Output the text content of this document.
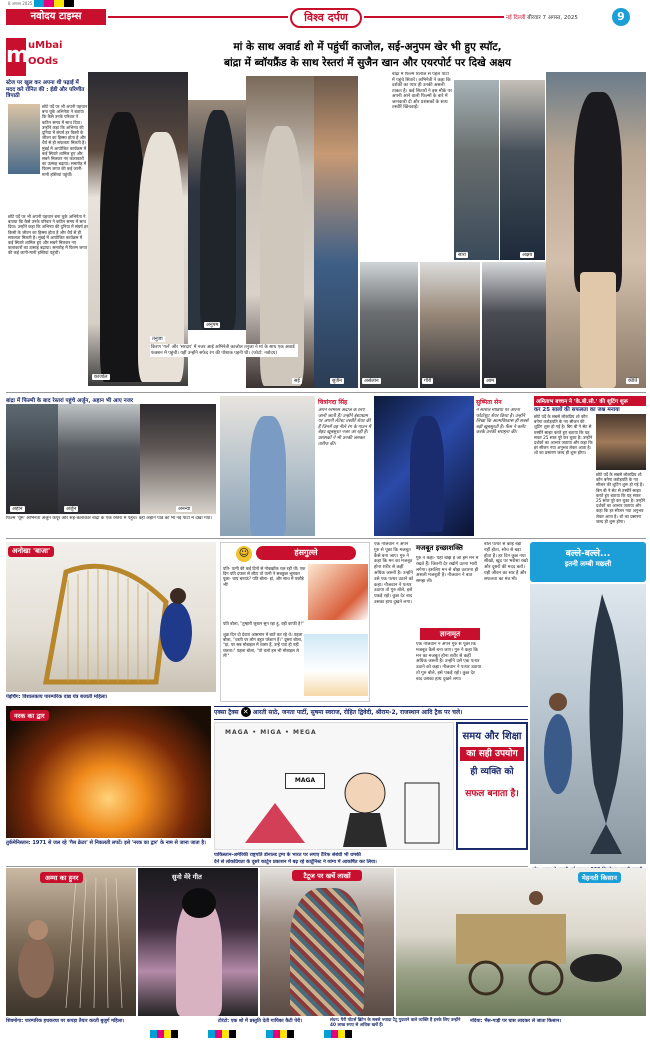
8 अगस्त 2025
नवोदय टाइम्स	विश्व दर्पण	नई दिल्ली बीरवार 7 अगस्त, 2025	9
m uMbai
OOds
स्टेज पर खुल कर अपना थी पढ़ाई में मदद करे रॉनित की : ईडी और परिणीत त्रिपाठी
छोटे पर्दे पर भी अपनी पहचान बना चुके अभिनेता ने बताया कि कैसे उनके परिवार ने कठिन समय में साथ दिया। उन्होंने कहा कि अभिनय की दुनिया में संघर्ष हर किसी के जीवन का हिस्सा होता है और धैर्य से ही सफलता मिलती है। मुंबई में आयोजित कार्यक्रम में कई सितारे शामिल हुए और सबने मिलकर नए कलाकारों का उत्साह बढ़ाया। समारोह में फिल्म जगत की कई जानी-मानी हस्तियां पहुंचीं।
छोटे पर्दे पर भी अपनी पहचान बना चुके अभिनेता ने बताया कि कैसे उनके परिवार ने कठिन समय में साथ दिया। उन्होंने कहा कि अभिनय की दुनिया में संघर्ष हर किसी के जीवन का हिस्सा होता है और धैर्य से ही सफलता मिलती है। मुंबई में आयोजित कार्यक्रम में कई सितारे शामिल हुए और सबने मिलकर नए कलाकारों का उत्साह बढ़ाया। समारोह में फिल्म जगत की कई जानी-मानी हस्तियां पहुंचीं।
मां के साथ अवार्ड शो में पहुंचीं काजोल, सई-अनुपम खेर भी हुए स्पॉट,
बांद्रा में ब्वॉयफ्रैंड के साथ रेस्तरां में सुजैन खान और एयरपोर्ट पर दिखे अक्षय
काजोल
तनुजा
अनुपम
सई	सुजैन
किरण 'गर्ल' और 'सरदार' में नजर आई अभिनेत्री काजोल तनुजा ने मां के साथ एक अवार्ड फंक्शन में पहुंची। यहीं उन्होंने सफेद रंग की पोशाक पहनी थी। (फोटो: नवोदय)
बांद्रा में फिल्म रिलीज से पहले पार्टी में पहुंचे सितारे। अभिनेत्री ने कहा कि दर्शकों का प्यार ही उनकी असली ताकत है। कई सितारों ने इस मौके पर अपनी आने वाली फिल्मों के बारे में जानकारी दी और प्रशंसकों के साथ तस्वीरें खिंचवाईं।
सारा	अक्षय
कीर्ति
अर्सलान	गौरी	आम
बांद्रा में फिल्मी के बाद रेस्तरां पहुंचे अर्जुन, अहान भी आए नजर
अहान	अर्जुन	अनन्या
फिल्म 'धूम' अभिनेता अर्जुन कपूर और सह-कलाकार बांद्रा के एक रेस्तरां में पहुंचे। वहीं अहान पांडे को भी नई पार्टी में देखा गया।
चित्रांगदा सिंह
अपने ग्लैमरस अंदाज के लिए जानी जाती हैं। उन्होंने इंस्टाग्राम पर अपनी लेटेस्ट तस्वीरें शेयर की हैं जिनमें वह नीले रंग के गाउन में बेहद खूबसूरत नजर आ रही हैं। प्रशंसकों ने भी उनकी जमकर तारीफ की।
सुष्मिता सेन
ने सोशल मीडिया पर अपना फोटोशूट शेयर किया है। उन्होंने लिखा कि आत्मविश्वास ही सबसे बड़ी खूबसूरती है। फैंस ने कमेंट करके उनकी सराहना की।
अमिताभ बच्चन ने 'के.बी.सी.' की शूटिंग शुरू
कर 25 सालों की सफलता का जश्न मनाया
छोटे पर्दे के सबसे लोकप्रिय शो कौन बनेगा करोड़पति के नए सीजन की शूटिंग शुरू हो गई है। बिग बी ने सेट से तस्वीरें साझा करते हुए बताया कि यह सफर 25 साल पूरे कर चुका है। उन्होंने दर्शकों का आभार जताया और कहा कि हर सीजन नया अनुभव लेकर आता है। शो का प्रसारण जल्द ही शुरू होगा।
छोटे पर्दे के सबसे लोकप्रिय शो कौन बनेगा करोड़पति के नए सीजन की शूटिंग शुरू हो गई है। बिग बी ने सेट से तस्वीरें साझा करते हुए बताया कि यह सफर 25 साल पूरे कर चुका है। उन्होंने दर्शकों का आभार जताया और कहा कि हर सीजन नया अनुभव लेकर आता है। शो का प्रसारण जल्द ही शुरू होगा।
अनोखा 'बाजा'
पेइचिंग: विशालकाय पारम्परिक वाद्य यंत्र बजाती महिला।
☺	हंसगुल्ले
पति- पत्नी की कई दिनों से नोकझोंक चल रही थी। एक दिन पति दफ्तर से लौटा तो पत्नी ने सबकुछ भूलकर पूछा- चाय बनाऊं? पति बोला- हां, और साथ में पकौड़े भी!
पति बोला, "तुम्हारी जुबान सुन रहा हूं, वही काफी है!"
शुक्र दिन दो देवता आसमान में बातें कर रहे थे। पहला बोला, "धरती पर लोग बहुत परेशान हैं।" दूसरा बोला, "हां, पर सब मोबाइल में व्यस्त हैं, उन्हें पता ही नहीं चलता।" पहला बोला, "तो चलो हम भी मोबाइल ले लें!"
एक नौजवान ने अपने गुरु से पूछा कि मजबूत कैसे बना जाए। गुरु ने कहा कि मन का मजबूत होना शरीर से कहीं अधिक जरूरी है। उन्होंने उसे एक पत्थर उठाने को कहा। नौजवान ने पत्थर उठाया तो गुरु बोले, इसे पकड़े रहो। कुछ देर बाद उसका हाथ दुखने लगा।
मजबूत इच्छाशक्ति
गुरु ने कहा- यही बोझ है जो हम मन में रखते हैं। जितनी देर रखोगे उतना भारी लगेगा। इसलिए मन से बोझ उतारना ही असली मजबूती है। नौजवान ने बात समझ ली।
ज्ञानामृत
एक नौजवान ने अपने गुरु से पूछा कि मजबूत कैसे बना जाए। गुरु ने कहा कि मन का मजबूत होना शरीर से कहीं अधिक जरूरी है। उन्होंने उसे एक पत्थर उठाने को कहा। नौजवान ने पत्थर उठाया तो गुरु बोले, इसे पकड़े रहो। कुछ देर बाद उसका हाथ दुखने लगा।
बोले पत्थर से कोई बड़ा नहीं होता, सोच से बड़ा होता है। हर दिन कुछ नया सीखो, खुद पर भरोसा रखो और दूसरों की मदद करो। यही जीवन का सार है और सफलता का मंत्र भी।
बल्ले-बल्ले...
इतनी लम्बी मछली
नरक का द्वार
तुर्कमेनिस्तान: 1971 से जल रहे 'गैस क्रेटर' से निकलती लपटें। इसे 'नरक का द्वार' के नाम से जाना जाता है।
एक्सा ट्रैक्स ✕ आरती साठे, जनता पार्टी, सुषमा स्वराज, रोहित द्विवेदी, श्रीराम-2, राजस्थान आदि ट्रैक पर चले।
MAGA • MIGA • MEGA
MAGA
पाकिस्तान-अमेरिकी राष्ट्रपति डोनाल्ड ट्रम्प के भारत पर लगाए टैरिफ संबंधी भी धमकी
देने से लोकप्रियता के दूसरे कार्टून प्रकाशन में बढ़ रहे कार्टूनिस्ट ने व्यंग्य में आकर्षित कर लिया।
समय और शिक्षा
का सही उपयोग
ही व्यक्ति को
सफल बनाता है।
अम्मा का हुनर
शिवमोगा: पारम्परिक हथकरघा पर कपड़ा तैयार करती बुजुर्ग महिला।
सुनो मेरे गीत
टोरंटो: एक शो में प्रस्तुति देती गायिका कैटी पेरी।
टैटूज पर खर्चे लाखों
लंदन: पैरी पॉटर्स ब्रिटेन के सबसे ज्यादा टैटू गुदवाने वाले व्यक्ति हैं इनके लिए उन्होंने 40 लाख रुपए से अधिक खर्चे हैं।
मेहनती किसान
नदिया: भैंस-गाड़ी पर घास लादकर ले जाता किसान।
